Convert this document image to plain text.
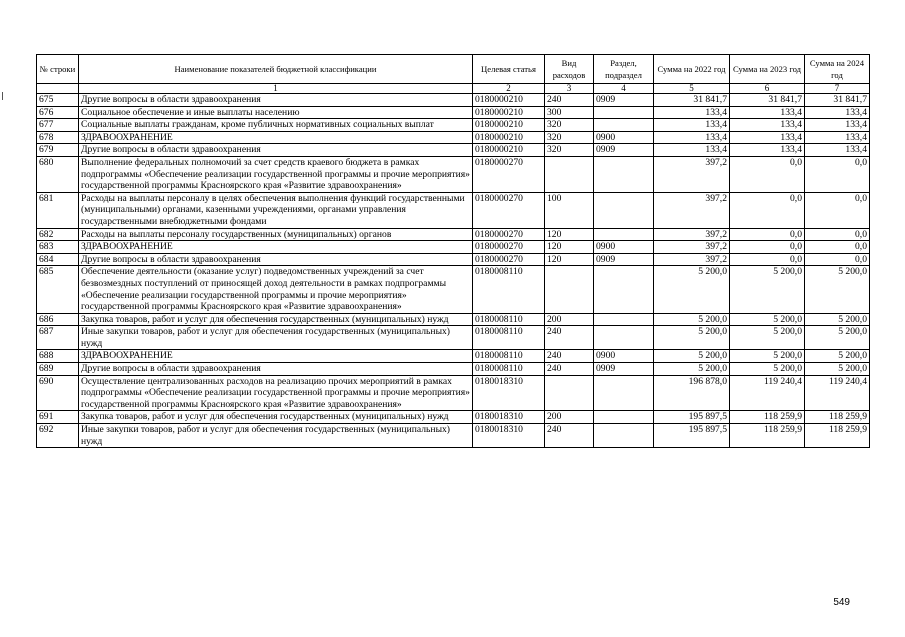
№ строки	Наименование показателей бюджетной классификации	Целевая статья	Вид расходов	Раздел, подраздел	Сумма на 2022 год	Сумма на 2023 год	Сумма на 2024 год
	1	2	3	4	5	6	7
675	Другие вопросы в области здравоохранения	0180000210	240	0909	31 841,7	31 841,7	31 841,7
676	Социальное обеспечение и иные выплаты населению	0180000210	300		133,4	133,4	133,4
677	Социальные выплаты гражданам, кроме публичных нормативных социальных выплат	0180000210	320		133,4	133,4	133,4
678	ЗДРАВООХРАНЕНИЕ	0180000210	320	0900	133,4	133,4	133,4
679	Другие вопросы в области здравоохранения	0180000210	320	0909	133,4	133,4	133,4
680	Выполнение федеральных полномочий за счет средств краевого бюджета в рамках подпрограммы «Обеспечение реализации государственной программы и прочие мероприятия» государственной программы Красноярского края «Развитие здравоохранения»	0180000270			397,2	0,0	0,0
681	Расходы на выплаты персоналу в целях обеспечения выполнения функций государственными (муниципальными) органами, казенными учреждениями, органами управления государственными внебюджетными фондами	0180000270	100		397,2	0,0	0,0
682	Расходы на выплаты персоналу государственных (муниципальных) органов	0180000270	120		397,2	0,0	0,0
683	ЗДРАВООХРАНЕНИЕ	0180000270	120	0900	397,2	0,0	0,0
684	Другие вопросы в области здравоохранения	0180000270	120	0909	397,2	0,0	0,0
685	Обеспечение деятельности (оказание услуг) подведомственных учреждений за счет безвозмездных поступлений от приносящей доход деятельности в рамках подпрограммы «Обеспечение реализации государственной программы и прочие мероприятия» государственной программы Красноярского края «Развитие здравоохранения»	0180008110			5 200,0	5 200,0	5 200,0
686	Закупка товаров, работ и услуг для обеспечения государственных (муниципальных) нужд	0180008110	200		5 200,0	5 200,0	5 200,0
687	Иные закупки товаров, работ и услуг для обеспечения государственных (муниципальных) нужд	0180008110	240		5 200,0	5 200,0	5 200,0
688	ЗДРАВООХРАНЕНИЕ	0180008110	240	0900	5 200,0	5 200,0	5 200,0
689	Другие вопросы в области здравоохранения	0180008110	240	0909	5 200,0	5 200,0	5 200,0
690	Осуществление централизованных расходов на реализацию прочих мероприятий в рамках подпрограммы «Обеспечение реализации государственной программы и прочие мероприятия» государственной программы Красноярского края «Развитие здравоохранения»	0180018310			196 878,0	119 240,4	119 240,4
691	Закупка товаров, работ и услуг для обеспечения государственных (муниципальных) нужд	0180018310	200		195 897,5	118 259,9	118 259,9
692	Иные закупки товаров, работ и услуг для обеспечения государственных (муниципальных) нужд	0180018310	240		195 897,5	118 259,9	118 259,9
549
